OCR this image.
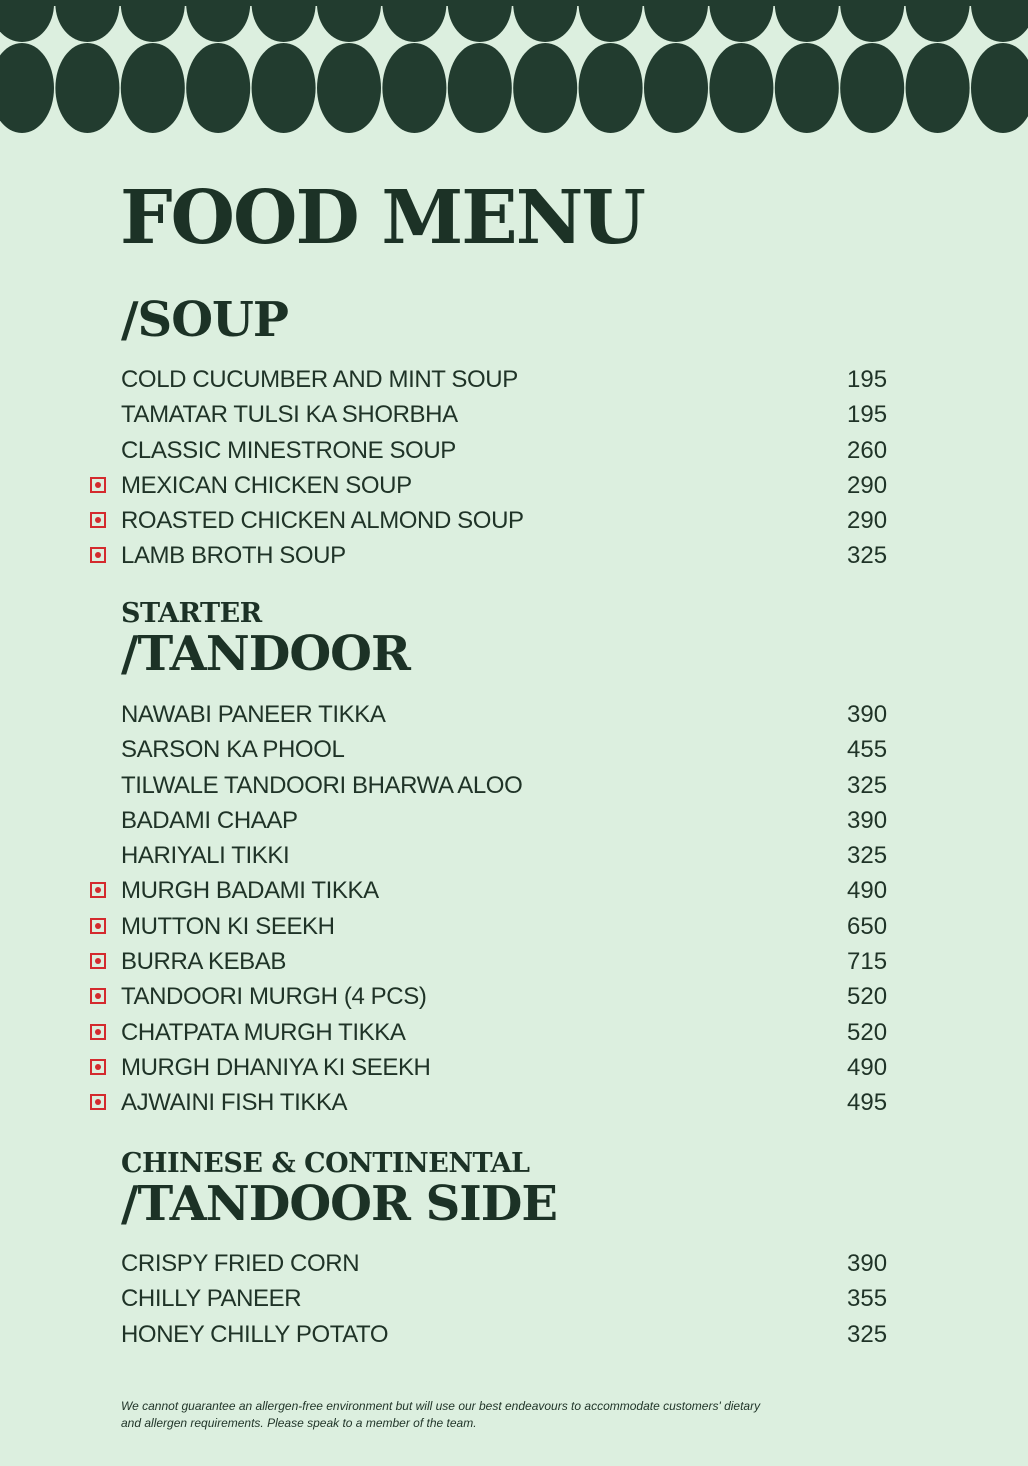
FOOD MENU
/SOUP
COLD CUCUMBER AND MINT SOUP	195
TAMATAR TULSI KA SHORBHA	195
CLASSIC MINESTRONE SOUP	260
MEXICAN CHICKEN SOUP	290
ROASTED CHICKEN ALMOND SOUP	290
LAMB BROTH SOUP	325
STARTER
/TANDOOR
NAWABI PANEER TIKKA	390
SARSON KA PHOOL	455
TILWALE TANDOORI BHARWA ALOO	325
BADAMI CHAAP	390
HARIYALI TIKKI	325
MURGH BADAMI TIKKA	490
MUTTON KI SEEKH	650
BURRA KEBAB	715
TANDOORI MURGH (4 PCS)	520
CHATPATA MURGH TIKKA	520
MURGH DHANIYA KI SEEKH	490
AJWAINI FISH TIKKA	495
CHINESE & CONTINENTAL
/TANDOOR SIDE
CRISPY FRIED CORN	390
CHILLY PANEER	355
HONEY CHILLY POTATO	325
We cannot guarantee an allergen-free environment but will use our best endeavours to accommodate customers' dietary and allergen requirements. Please speak to a member of the team.
